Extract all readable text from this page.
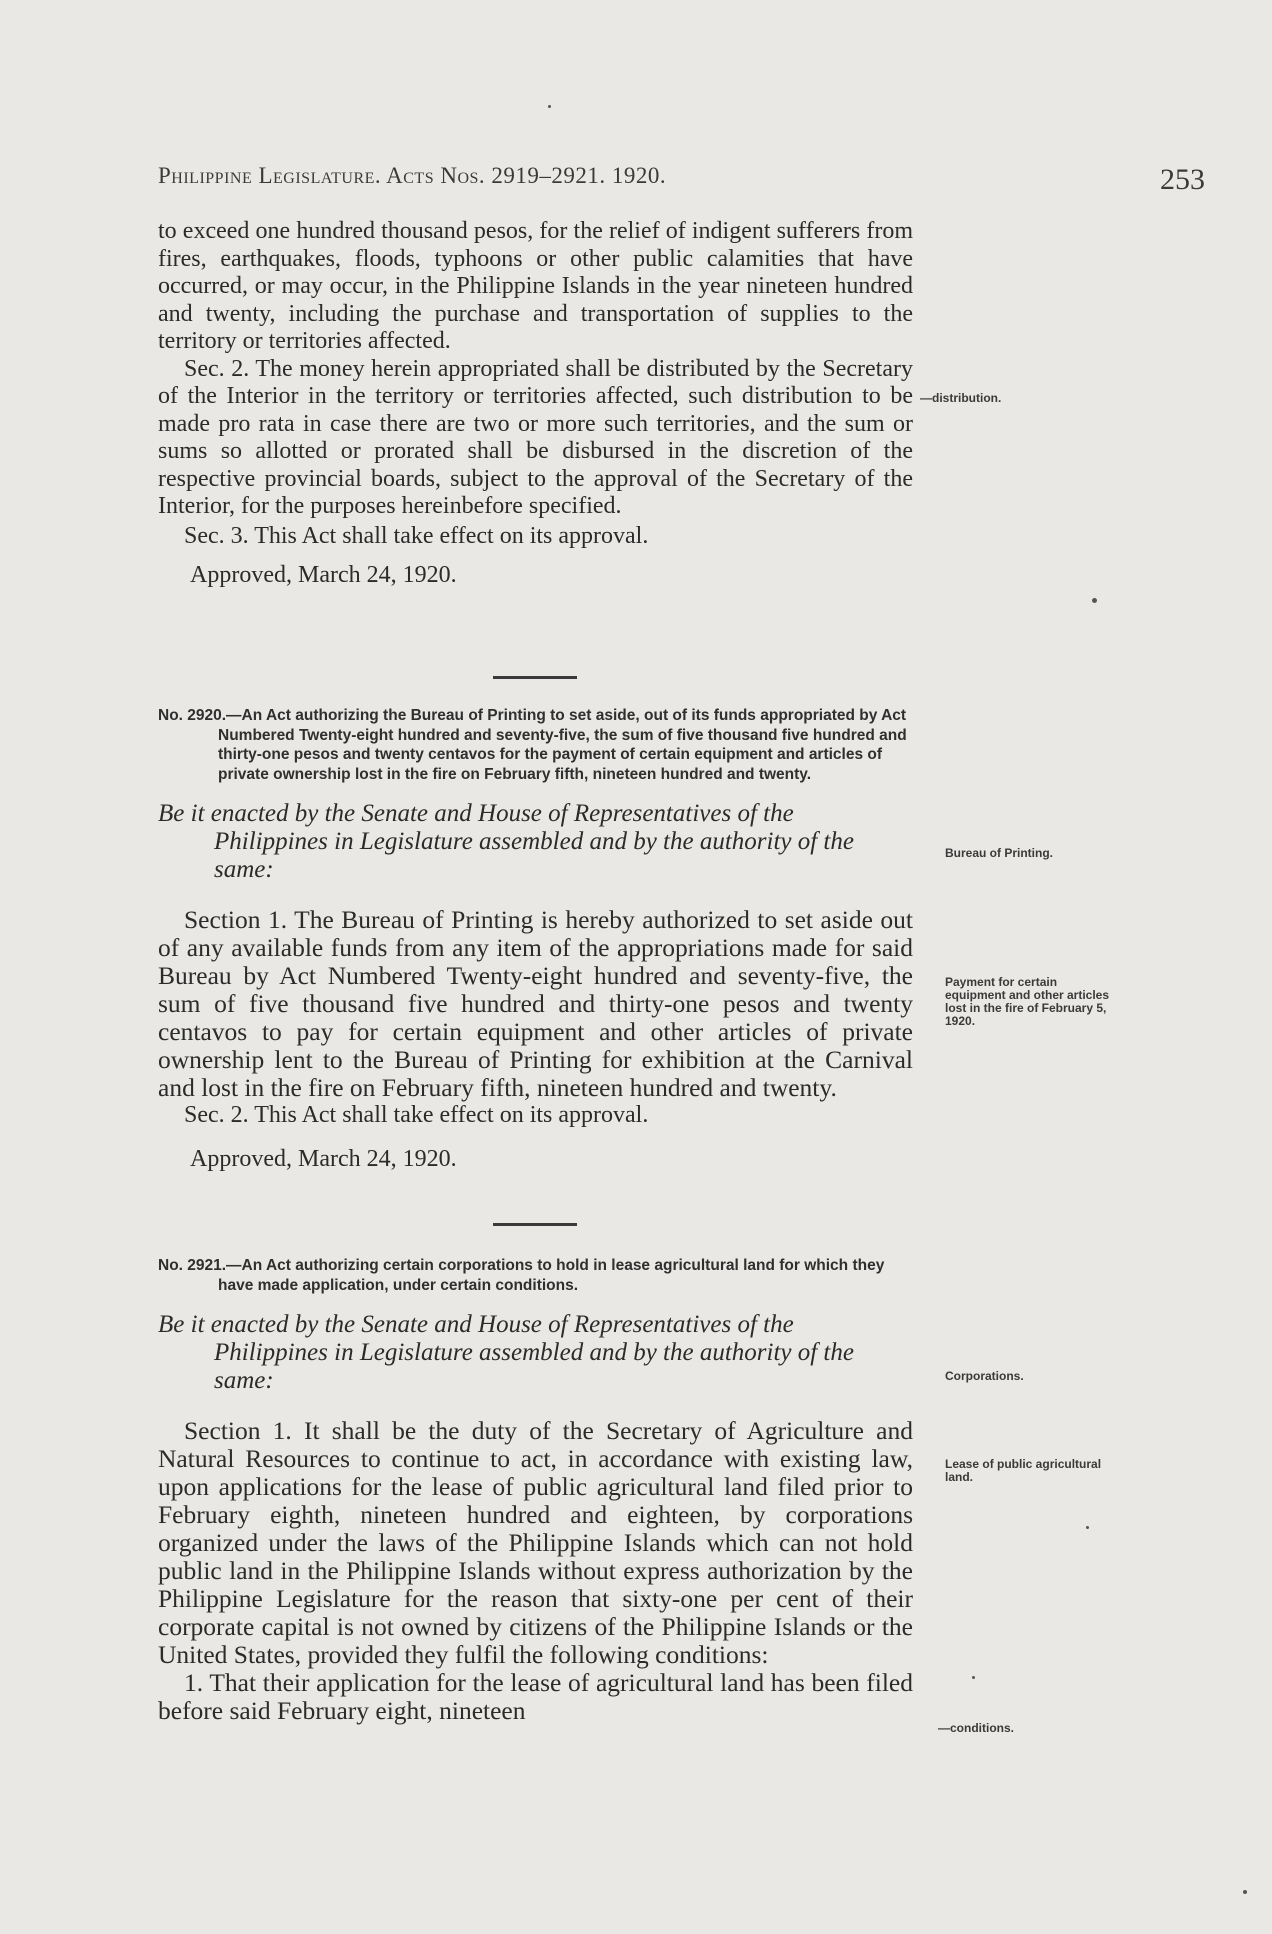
Philippine Legislature. Acts Nos. 2919–2921. 1920.	253

to exceed one hundred thousand pesos, for the relief of indigent sufferers from fires, earthquakes, floods, typhoons or other public calamities that have occurred, or may occur, in the Philippine Islands in the year nineteen hundred and twenty, including the purchase and transportation of supplies to the territory or territories affected.

Sec. 2. The money herein appropriated shall be distributed by the Secretary of the Interior in the territory or territories affected, such distribution to be made pro rata in case there are two or more such territories, and the sum or sums so allotted or prorated shall be disbursed in the discretion of the respective provincial boards, subject to the approval of the Secretary of the Interior, for the purposes hereinbefore specified.

Sec. 3. This Act shall take effect on its approval.

Approved, March 24, 1920.

—distribution.

No. 2920.—An Act authorizing the Bureau of Printing to set aside, out of its funds appropriated by Act Numbered Twenty-eight hundred and seventy-five, the sum of five thousand five hundred and thirty-one pesos and twenty centavos for the payment of certain equipment and articles of private ownership lost in the fire on February fifth, nineteen hundred and twenty.

Be it enacted by the Senate and House of Representatives of the Philippines in Legislature assembled and by the authority of the same:

Section 1. The Bureau of Printing is hereby authorized to set aside out of any available funds from any item of the appropriations made for said Bureau by Act Numbered Twenty-eight hundred and seventy-five, the sum of five thousand five hundred and thirty-one pesos and twenty centavos to pay for certain equipment and other articles of private ownership lent to the Bureau of Printing for exhibition at the Carnival and lost in the fire on February fifth, nineteen hundred and twenty.

Sec. 2. This Act shall take effect on its approval.

Approved, March 24, 1920.

Bureau of Printing.
Payment for certain equipment and other articles lost in the fire of February 5, 1920.

No. 2921.—An Act authorizing certain corporations to hold in lease agricultural land for which they have made application, under certain conditions.

Be it enacted by the Senate and House of Representatives of the Philippines in Legislature assembled and by the authority of the same:

Section 1. It shall be the duty of the Secretary of Agriculture and Natural Resources to continue to act, in accordance with existing law, upon applications for the lease of public agricultural land filed prior to February eighth, nineteen hundred and eighteen, by corporations organized under the laws of the Philippine Islands which can not hold public land in the Philippine Islands without express authorization by the Philippine Legislature for the reason that sixty-one per cent of their corporate capital is not owned by citizens of the Philippine Islands or the United States, provided they fulfil the following conditions:

1. That their application for the lease of agricultural land has been filed before said February eight, nineteen

Corporations.
Lease of public agricultural land.
—conditions.
